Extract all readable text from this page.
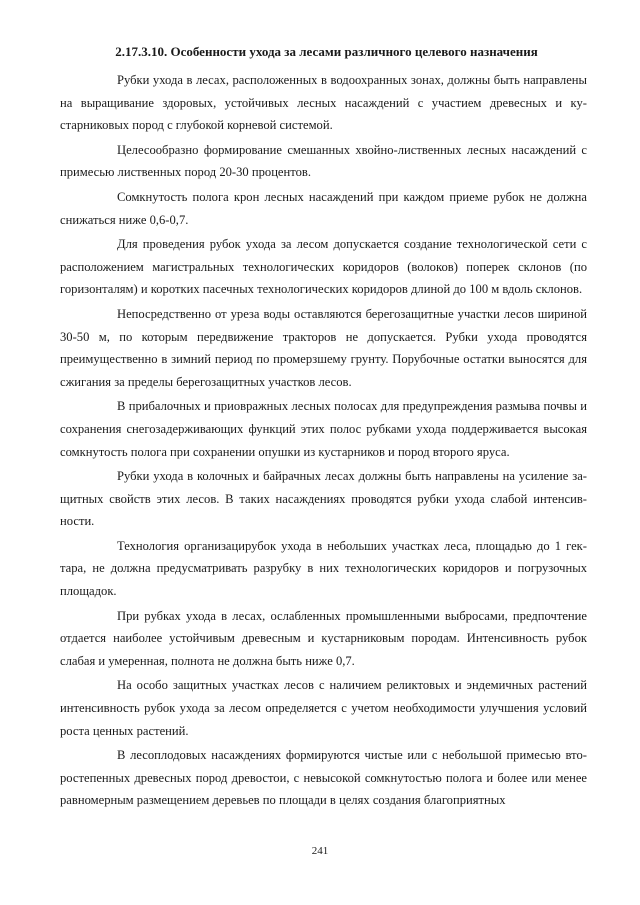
2.17.3.10. Особенности ухода за лесами различного целевого назначения

Рубки ухода в лесах, расположенных в водоохранных зонах, должны быть направлены на выращивание здоровых, устойчивых лесных насаждений с участием древесных и кустарниковых пород с глубокой корневой системой.

Целесообразно формирование смешанных хвойно-лиственных лесных насаждений с примесью лиственных пород 20-30 процентов.

Сомкнутость полога крон лесных насаждений при каждом приеме рубок не должна снижаться ниже 0,6-0,7.

Для проведения рубок ухода за лесом допускается создание технологической сети с расположением магистральных технологических коридоров (волоков) поперек склонов (по горизонталям) и коротких пасечных технологических коридоров длиной до 100 м вдоль склонов.

Непосредственно от уреза воды оставляются берегозащитные участки лесов шириной 30-50 м, по которым передвижение тракторов не допускается. Рубки ухода проводятся преимущественно в зимний период по промерзшему грунту. Порубочные остатки выносятся для сжигания за пределы берегозащитных участков лесов.

В прибалочных и приовражных лесных полосах для предупреждения размыва почвы и сохранения снегозадерживающих функций этих полос рубками ухода поддерживается высокая сомкнутость полога при сохранении опушки из кустарников и пород второго яруса.

Рубки ухода в колочных и байрачных лесах должны быть направлены на усиление защитных свойств этих лесов. В таких насаждениях проводятся рубки ухода слабой интенсивности.

Технология организацирубок ухода в небольших участках леса, площадью до 1 гектара, не должна предусматривать разрубку в них технологических коридоров и погрузочных площадок.

При рубках ухода в лесах, ослабленных промышленными выбросами, предпочтение отдается наиболее устойчивым древесным и кустарниковым породам. Интенсивность рубок слабая и умеренная, полнота не должна быть ниже 0,7.

На особо защитных участках лесов с наличием реликтовых и эндемичных растений интенсивность рубок ухода за лесом определяется с учетом необходимости улучшения условий роста ценных растений.

В лесоплодовых насаждениях формируются чистые или с небольшой примесью второстепенных древесных пород древостои, с невысокой сомкнутостью полога и более или менее равномерным размещением деревьев по площади в целях создания благоприятных

241
